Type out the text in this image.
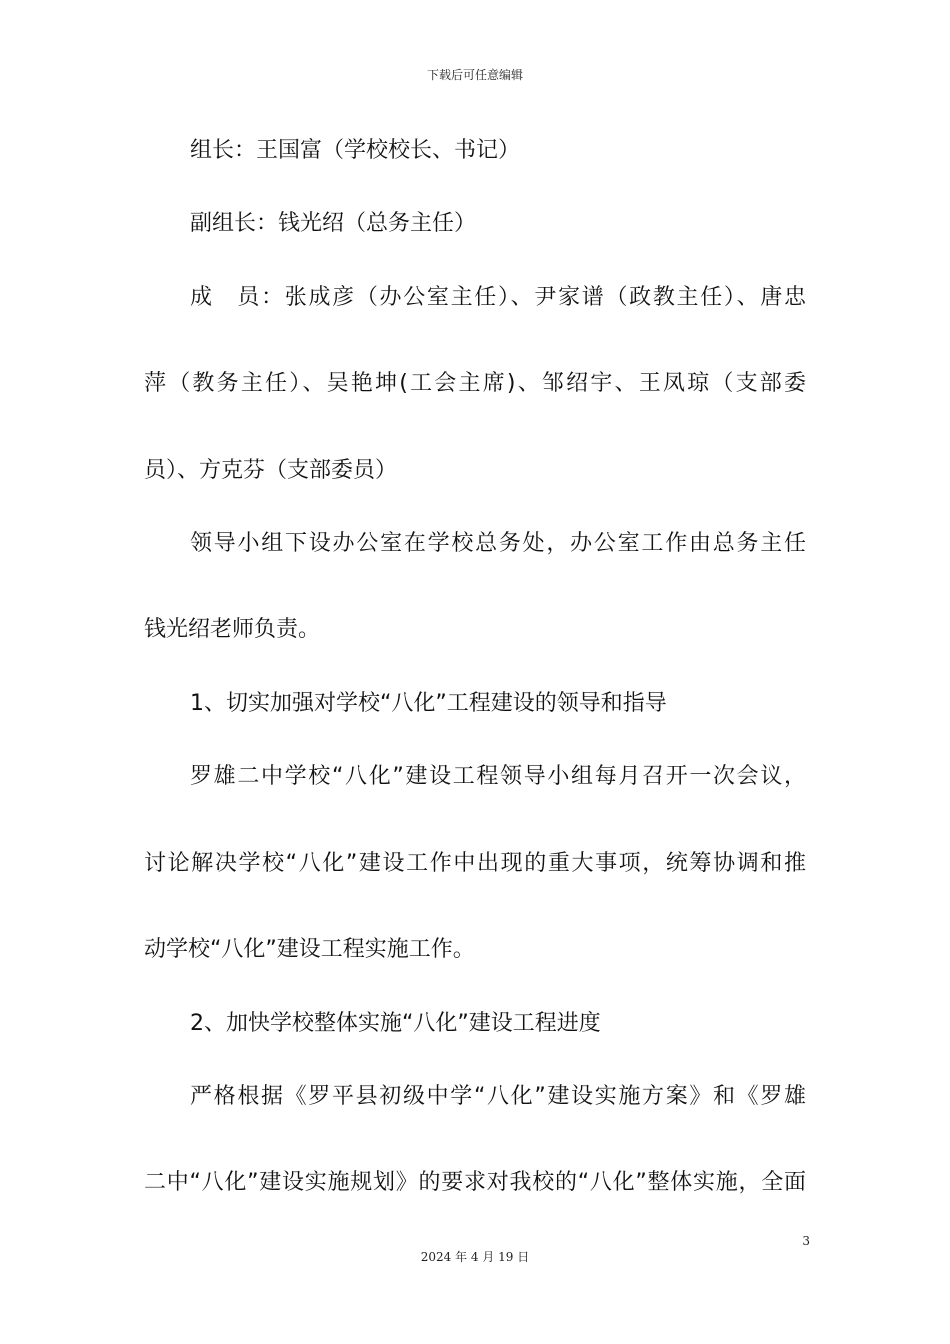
下载后可任意编辑
组长：王国富（学校校长、书记）
副组长：钱光绍（总务主任）
成　员：张成彦（办公室主任）、尹家谱（政教主任）、唐忠
萍（教务主任）、吴艳坤(工会主席)、邹绍宇、王凤琼（支部委
员）、方克芬（支部委员）
领导小组下设办公室在学校总务处，办公室工作由总务主任
钱光绍老师负责。
1、切实加强对学校“八化”工程建设的领导和指导
罗雄二中学校“八化”建设工程领导小组每月召开一次会议，
讨论解决学校“八化”建设工作中出现的重大事项，统筹协调和推
动学校“八化”建设工程实施工作。
2、加快学校整体实施“八化”建设工程进度
严格根据《罗平县初级中学“八化”建设实施方案》和《罗雄
二中“八化”建设实施规划》的要求对我校的“八化”整体实施，全面
3
2024 年 4 月 19 日
